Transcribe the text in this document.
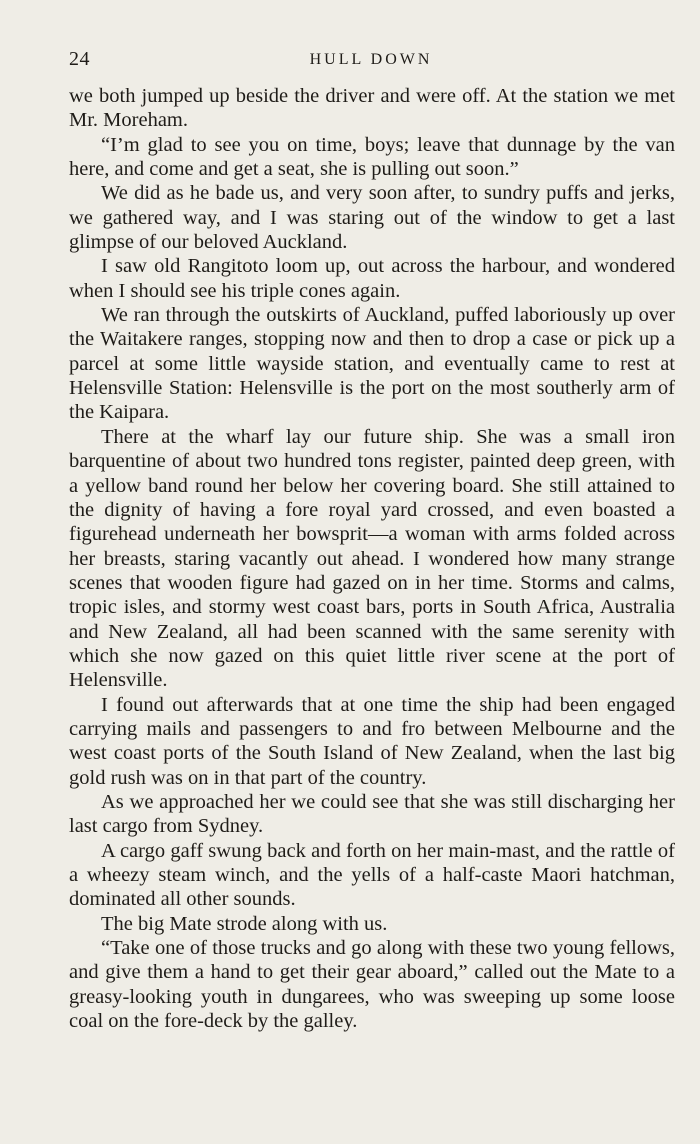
24	HULL DOWN

we both jumped up beside the driver and were off. At the station we met Mr. Moreham.

“I’m glad to see you on time, boys; leave that dunnage by the van here, and come and get a seat, she is pulling out soon.”

We did as he bade us, and very soon after, to sundry puffs and jerks, we gathered way, and I was staring out of the window to get a last glimpse of our beloved Auckland.

I saw old Rangitoto loom up, out across the harbour, and wondered when I should see his triple cones again.

We ran through the outskirts of Auckland, puffed laboriously up over the Waitakere ranges, stopping now and then to drop a case or pick up a parcel at some little wayside station, and eventually came to rest at Helensville Station: Helensville is the port on the most southerly arm of the Kaipara.

There at the wharf lay our future ship. She was a small iron barquentine of about two hundred tons register, painted deep green, with a yellow band round her below her covering board. She still attained to the dignity of having a fore royal yard crossed, and even boasted a figurehead underneath her bowsprit—a woman with arms folded across her breasts, staring vacantly out ahead. I wondered how many strange scenes that wooden figure had gazed on in her time. Storms and calms, tropic isles, and stormy west coast bars, ports in South Africa, Australia and New Zealand, all had been scanned with the same serenity with which she now gazed on this quiet little river scene at the port of Helensville.

I found out afterwards that at one time the ship had been engaged carrying mails and passengers to and fro between Melbourne and the west coast ports of the South Island of New Zealand, when the last big gold rush was on in that part of the country.

As we approached her we could see that she was still discharging her last cargo from Sydney.

A cargo gaff swung back and forth on her main-mast, and the rattle of a wheezy steam winch, and the yells of a half-caste Maori hatchman, dominated all other sounds.

The big Mate strode along with us.

“Take one of those trucks and go along with these two young fellows, and give them a hand to get their gear aboard,” called out the Mate to a greasy-looking youth in dungarees, who was sweeping up some loose coal on the fore-deck by the galley.
